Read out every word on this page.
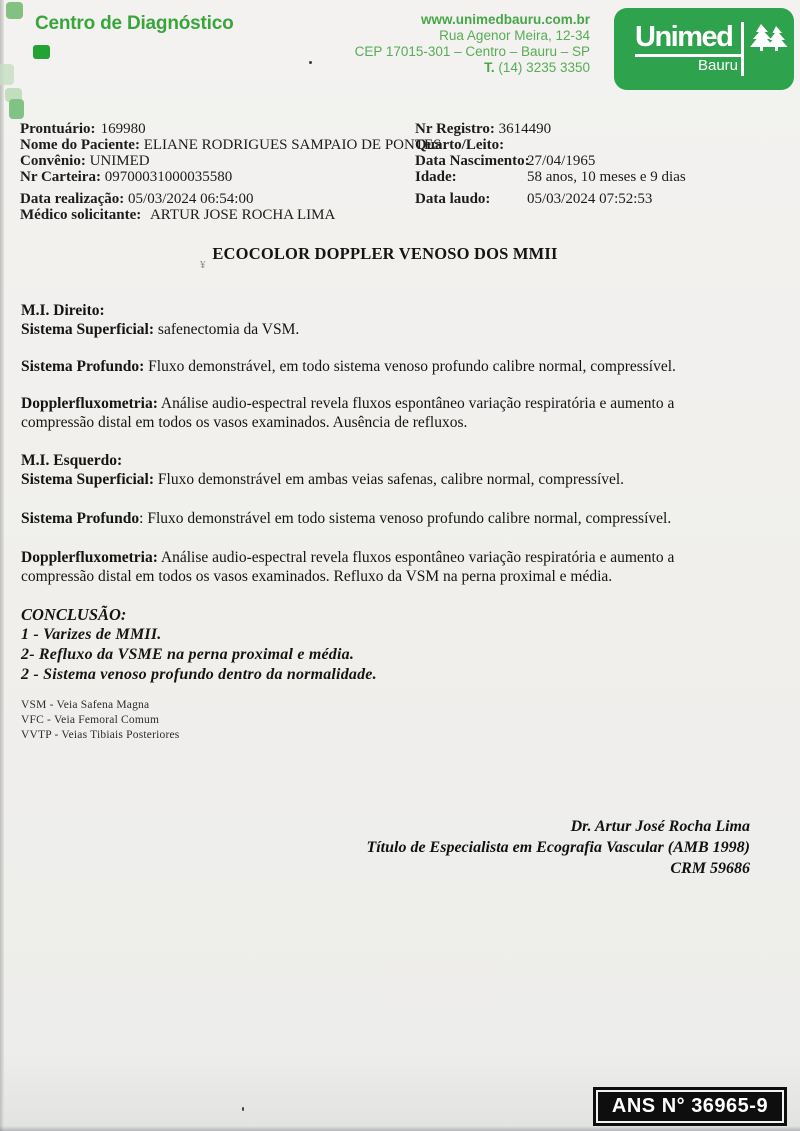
Centro de Diagnóstico	www.unimedbauru.com.br
Rua Agenor Meira, 12-34
CEP 17015-301 – Centro – Bauru – SP
T. (14) 3235 3350
Unimed
Bauru
Prontuário: 169980
Nome do Paciente: ELIANE RODRIGUES SAMPAIO DE PONTES
Convênio: UNIMED
Nr Carteira: 09700031000035580
Data realização: 05/03/2024 06:54:00
Médico solicitante: ARTUR JOSE ROCHA LIMA
Nr Registro: 3614490
Quarto/Leito:
Data Nascimento:27/04/1965
Idade:	58 anos, 10 meses e 9 dias
Data laudo: 05/03/2024 07:52:53
ECOCOLOR DOPPLER VENOSO DOS MMII

M.I. Direito:

Sistema Superficial: safenectomia da VSM.

Sistema Profundo: Fluxo demonstrável, em todo sistema venoso profundo calibre normal, compressível.

Dopplerfluxometria: Análise audio-espectral revela fluxos espontâneo variação respiratória e aumento a compressão distal em todos os vasos examinados. Ausência de refluxos.

M.I. Esquerdo:

Sistema Superficial: Fluxo demonstrável em ambas veias safenas, calibre normal, compressível.

Sistema Profundo: Fluxo demonstrável em todo sistema venoso profundo calibre normal, compressível.

Dopplerfluxometria: Análise audio-espectral revela fluxos espontâneo variação respiratória e aumento a compressão distal em todos os vasos examinados. Refluxo da VSM na perna proximal e média.

CONCLUSÃO:
1 - Varizes de MMII.
2- Refluxo da VSME na perna proximal e média.
2 - Sistema venoso profundo dentro da normalidade.
VSM - Veia Safena Magna
VFC - Veia Femoral Comum
VVTP - Veias Tibiais Posteriores
Dr. Artur José Rocha Lima
Título de Especialista em Ecografia Vascular (AMB 1998)
CRM 59686
ANS N° 36965-9
¥
